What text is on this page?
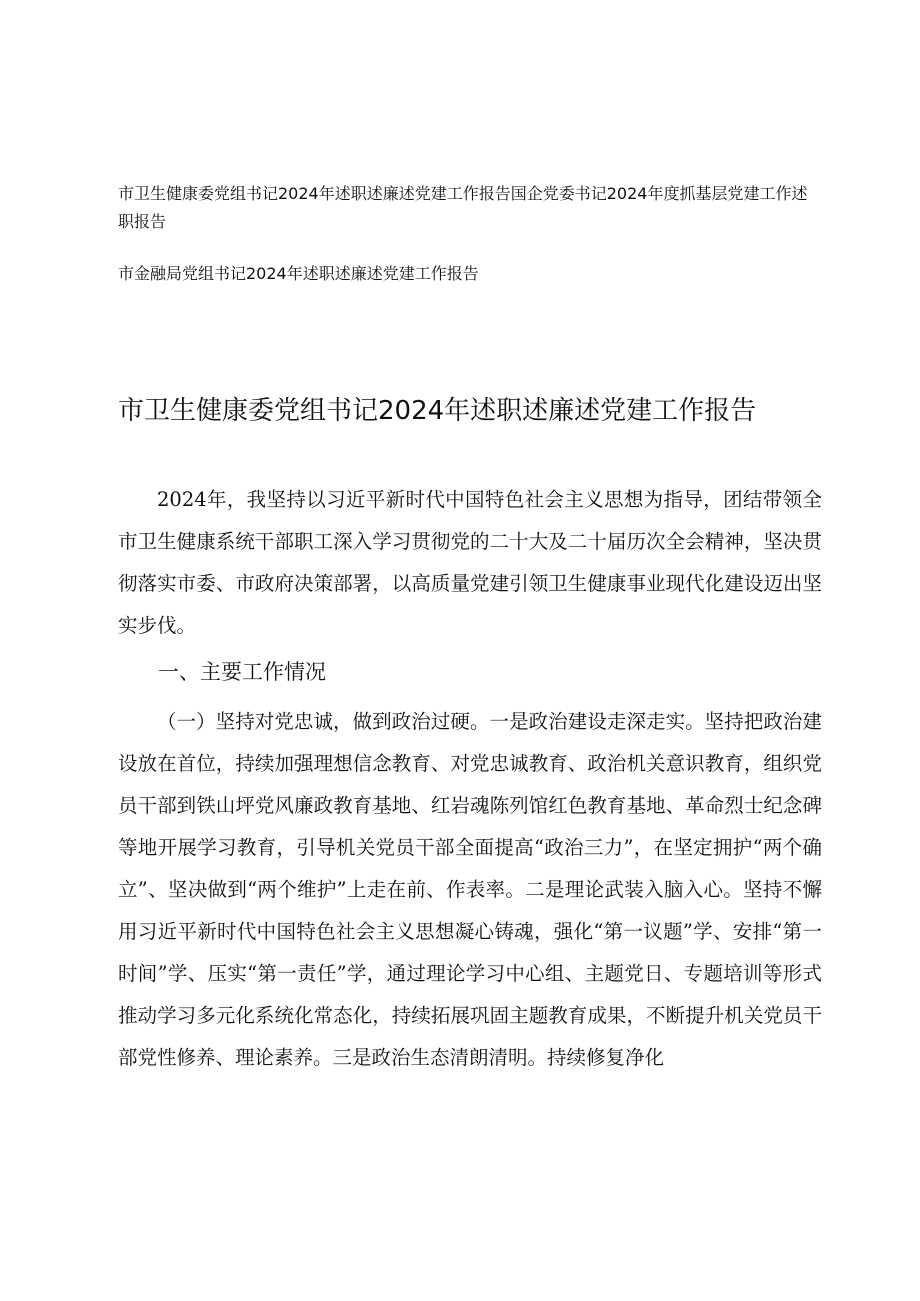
市卫生健康委党组书记2024年述职述廉述党建工作报告国企党委书记2024年度抓基层党建工作述职报告
市金融局党组书记2024年述职述廉述党建工作报告
市卫生健康委党组书记2024年述职述廉述党建工作报告

2024年，我坚持以习近平新时代中国特色社会主义思想为指导，团结带领全市卫生健康系统干部职工深入学习贯彻党的二十大及二十届历次全会精神，坚决贯彻落实市委、市政府决策部署，以高质量党建引领卫生健康事业现代化建设迈出坚实步伐。

一、主要工作情况

（一）坚持对党忠诚，做到政治过硬。一是政治建设走深走实。坚持把政治建设放在首位，持续加强理想信念教育、对党忠诚教育、政治机关意识教育，组织党员干部到铁山坪党风廉政教育基地、红岩魂陈列馆红色教育基地、革命烈士纪念碑等地开展学习教育，引导机关党员干部全面提高“政治三力”，在坚定拥护“两个确立”、坚决做到“两个维护”上走在前、作表率。二是理论武装入脑入心。坚持不懈用习近平新时代中国特色社会主义思想凝心铸魂，强化“第一议题”学、安排“第一时间”学、压实“第一责任”学，通过理论学习中心组、主题党日、专题培训等形式推动学习多元化系统化常态化，持续拓展巩固主题教育成果，不断提升机关党员干部党性修养、理论素养。三是政治生态清朗清明。持续修复净化
